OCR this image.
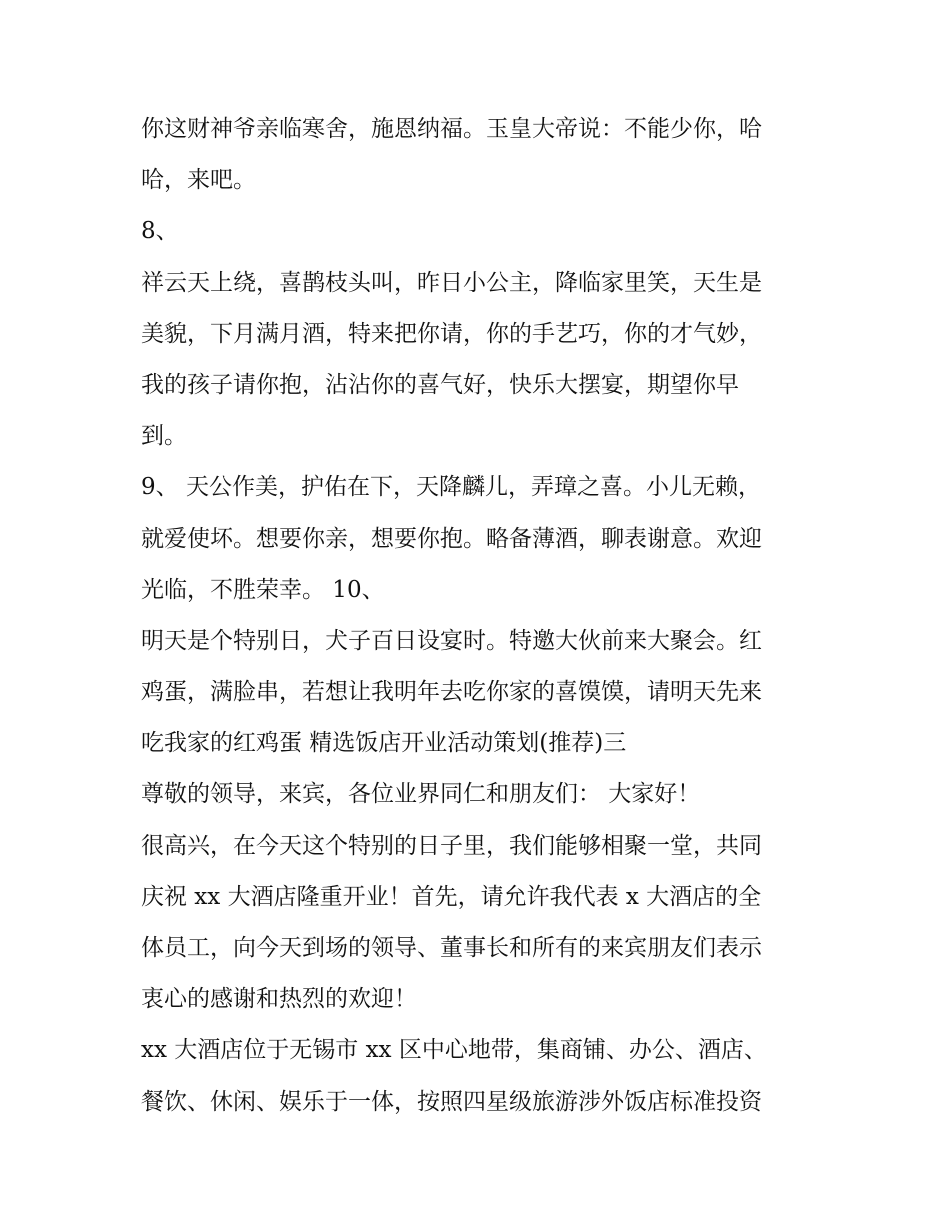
你这财神爷亲临寒舍，施恩纳福。玉皇大帝说：不能少你，哈
哈，来吧。
8、
祥云天上绕，喜鹊枝头叫，昨日小公主，降临家里笑，天生是
美貌，下月满月酒，特来把你请，你的手艺巧，你的才气妙，
我的孩子请你抱，沾沾你的喜气好，快乐大摆宴，期望你早
到。
9、 天公作美，护佑在下，天降麟儿，弄璋之喜。小儿无赖，
就爱使坏。想要你亲，想要你抱。略备薄酒，聊表谢意。欢迎
光临，不胜荣幸。 10、
明天是个特别日，犬子百日设宴时。特邀大伙前来大聚会。红
鸡蛋，满脸串，若想让我明年去吃你家的喜馍馍，请明天先来
吃我家的红鸡蛋 精选饭店开业活动策划(推荐)三
尊敬的领导，来宾，各位业界同仁和朋友们： 大家好！
很高兴，在今天这个特别的日子里，我们能够相聚一堂，共同
庆祝 xx 大酒店隆重开业！首先，请允许我代表 x 大酒店的全
体员工，向今天到场的领导、董事长和所有的来宾朋友们表示
衷心的感谢和热烈的欢迎！
xx 大酒店位于无锡市 xx 区中心地带，集商铺、办公、酒店、
餐饮、休闲、娱乐于一体，按照四星级旅游涉外饭店标准投资
